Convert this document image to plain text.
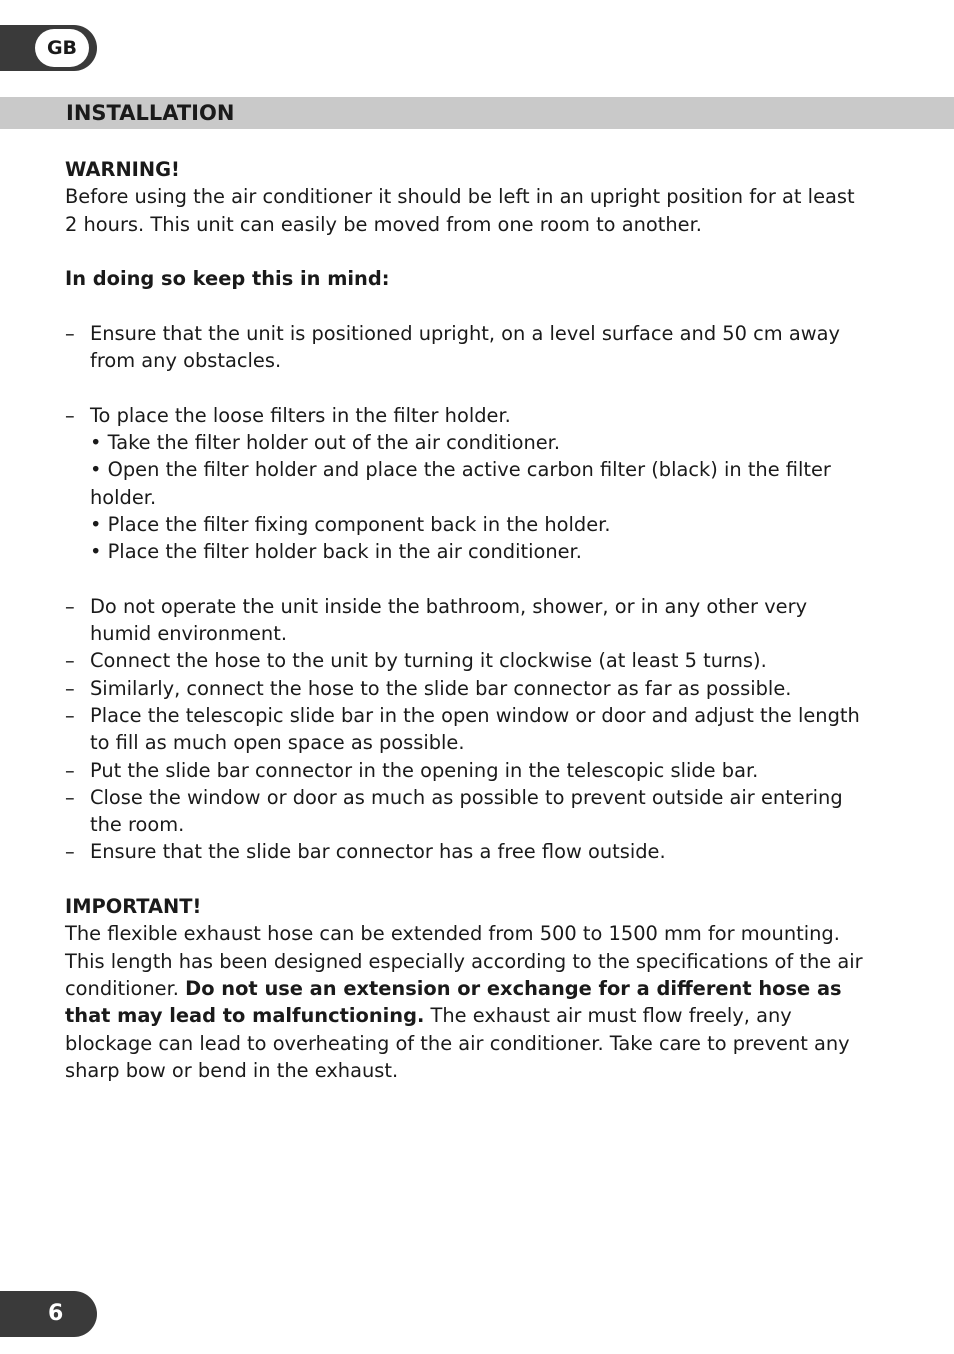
GB
INSTALLATION

WARNING!

Before using the air conditioner it should be left in an upright position for at least 2 hours. This unit can easily be moved from one room to another.

In doing so keep this in mind:

– Ensure that the unit is positioned upright, on a level surface and 50 cm away from any obstacles.
– To place the loose filters in the filter holder.
• Take the filter holder out of the air conditioner.
• Open the filter holder and place the active carbon filter (black) in the filter holder.
• Place the filter fixing component back in the holder.
• Place the filter holder back in the air conditioner.
– Do not operate the unit inside the bathroom, shower, or in any other very humid environment.
– Connect the hose to the unit by turning it clockwise (at least 5 turns).
– Similarly, connect the hose to the slide bar connector as far as possible.
– Place the telescopic slide bar in the open window or door and adjust the length to fill as much open space as possible.
– Put the slide bar connector in the opening in the telescopic slide bar.
– Close the window or door as much as possible to prevent outside air entering the room.
– Ensure that the slide bar connector has a free flow outside.

IMPORTANT!

The flexible exhaust hose can be extended from 500 to 1500 mm for mounting. This length has been designed especially according to the specifications of the air conditioner. Do not use an extension or exchange for a different hose as that may lead to malfunctioning. The exhaust air must flow freely, any blockage can lead to overheating of the air conditioner. Take care to prevent any sharp bow or bend in the exhaust.

6
